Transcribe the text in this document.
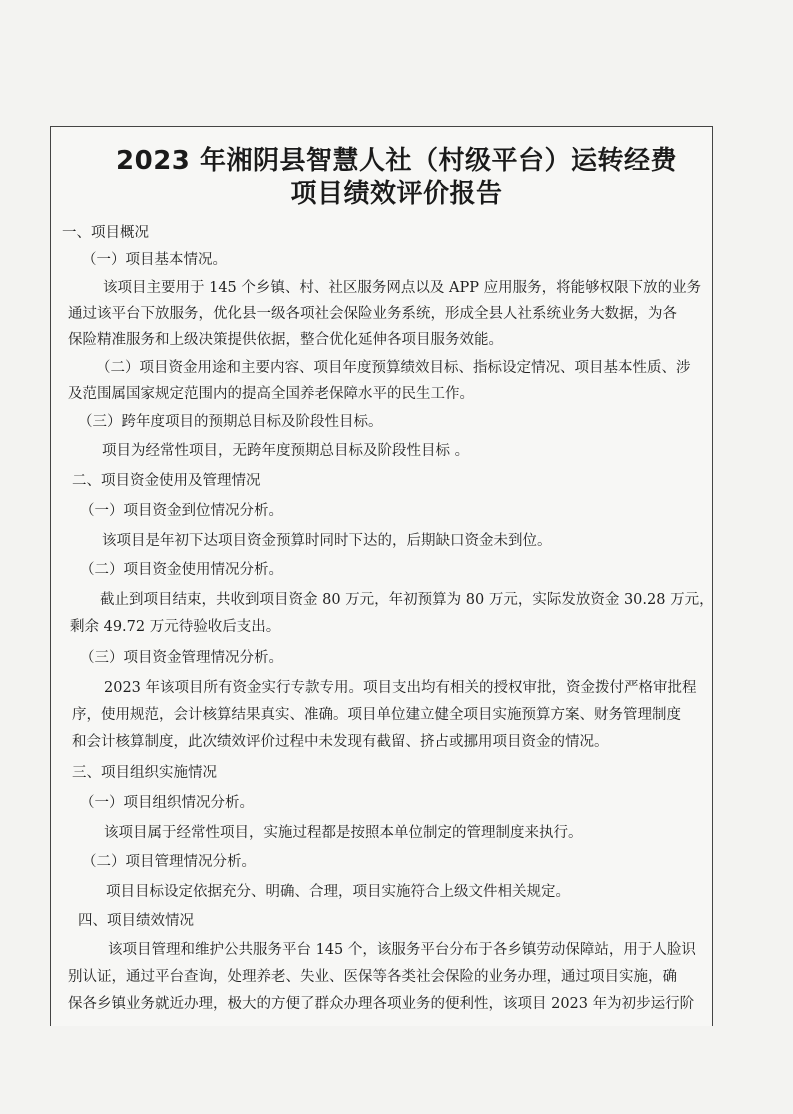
2023 年湘阴县智慧人社（村级平台）运转经费
项目绩效评价报告
一、项目概况
（一）项目基本情况。
该项目主要用于 145 个乡镇、村、社区服务网点以及 APP 应用服务，将能够权限下放的业务
通过该平台下放服务，优化县一级各项社会保险业务系统，形成全县人社系统业务大数据，为各
保险精准服务和上级决策提供依据，整合优化延伸各项目服务效能。
（二）项目资金用途和主要内容、项目年度预算绩效目标、指标设定情况、项目基本性质、涉
及范围属国家规定范围内的提高全国养老保障水平的民生工作。
（三）跨年度项目的预期总目标及阶段性目标。
项目为经常性项目，无跨年度预期总目标及阶段性目标 。
二、项目资金使用及管理情况
（一）项目资金到位情况分析。
该项目是年初下达项目资金预算时同时下达的，后期缺口资金未到位。
（二）项目资金使用情况分析。
截止到项目结束，共收到项目资金 80 万元，年初预算为 80 万元，实际发放资金 30.28 万元，
剩余 49.72 万元待验收后支出。
（三）项目资金管理情况分析。
2023 年该项目所有资金实行专款专用。项目支出均有相关的授权审批，资金拨付严格审批程
序，使用规范，会计核算结果真实、准确。项目单位建立健全项目实施预算方案、财务管理制度
和会计核算制度，此次绩效评价过程中未发现有截留、挤占或挪用项目资金的情况。
三、项目组织实施情况
（一）项目组织情况分析。
该项目属于经常性项目，实施过程都是按照本单位制定的管理制度来执行。
（二）项目管理情况分析。
项目目标设定依据充分、明确、合理，项目实施符合上级文件相关规定。
四、项目绩效情况
该项目管理和维护公共服务平台 145 个，该服务平台分布于各乡镇劳动保障站，用于人脸识
别认证，通过平台查询，处理养老、失业、医保等各类社会保险的业务办理，通过项目实施，确
保各乡镇业务就近办理，极大的方便了群众办理各项业务的便利性，该项目 2023 年为初步运行阶
